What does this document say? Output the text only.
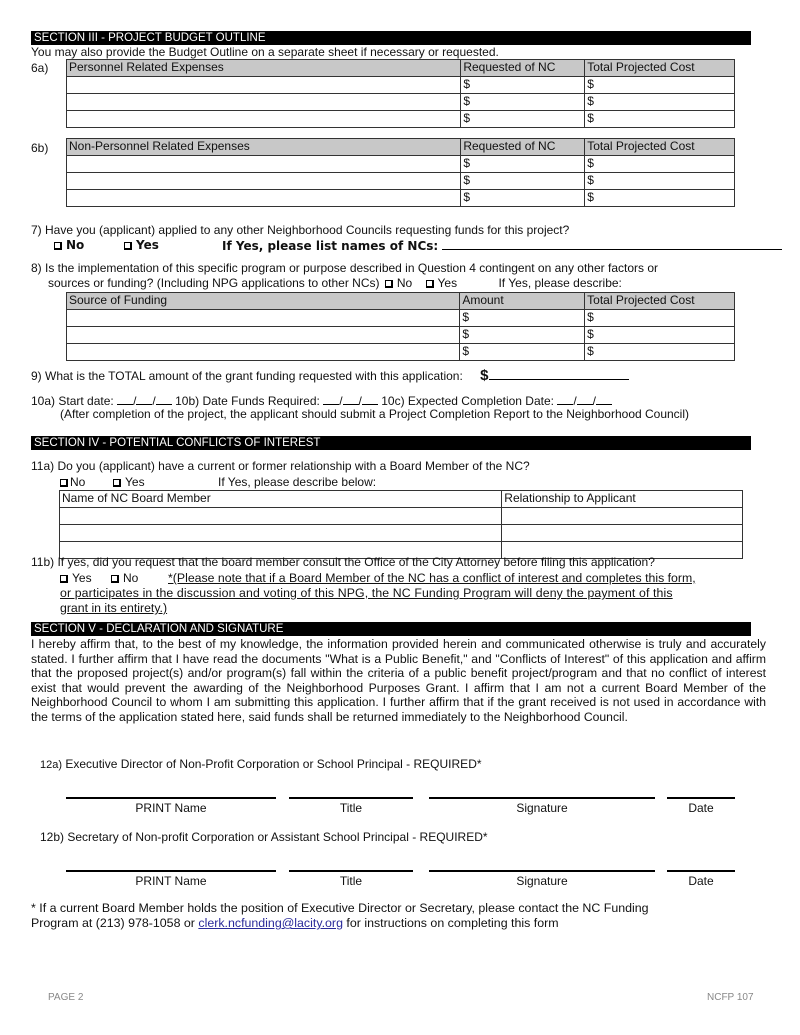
SECTION III - PROJECT BUDGET OUTLINE
You may also provide the Budget Outline on a separate sheet if necessary or requested.
6a) Personnel Related Expenses	Requested of NC	Total Projected Cost
	$	$
	$	$
	$	$
6b) Non-Personnel Related Expenses	Requested of NC	Total Projected Cost
	$	$
	$	$
	$	$
7) Have you (applicant) applied to any other Neighborhood Councils requesting funds for this project?
No	Yes	If Yes, please list names of NCs:
8) Is the implementation of this specific program or purpose described in Question 4 contingent on any other factors or
sources or funding? (Including NPG applications to other NCs) No Yes	If Yes, please describe:
Source of Funding	Amount	Total Projected Cost
	$	$
	$	$
	$	$
9) What is the TOTAL amount of the grant funding requested with this application: $
10a) Start date: / / 10b) Date Funds Required: / / 10c) Expected Completion Date: / /
(After completion of the project, the applicant should submit a Project Completion Report to the Neighborhood Council)
SECTION IV - POTENTIAL CONFLICTS OF INTEREST
11a) Do you (applicant) have a current or former relationship with a Board Member of the NC?
No	Yes	If Yes, please describe below:
Name of NC Board Member	Relationship to Applicant

11b) If yes, did you request that the board member consult the Office of the City Attorney before filing this application?
Yes	No *(Please note that if a Board Member of the NC has a conflict of interest and completes this form,
or participates in the discussion and voting of this NPG, the NC Funding Program will deny the payment of this
grant in its entirety.)
SECTION V - DECLARATION AND SIGNATURE
I hereby affirm that, to the best of my knowledge, the information provided herein and communicated otherwise is truly and accurately stated. I further affirm that I have read the documents "What is a Public Benefit," and "Conflicts of Interest" of this application and affirm that the proposed project(s) and/or program(s) fall within the criteria of a public benefit project/program and that no conflict of interest exist that would prevent the awarding of the Neighborhood Purposes Grant. I affirm that I am not a current Board Member of the Neighborhood Council to whom I am submitting this application. I further affirm that if the grant received is not used in accordance with the terms of the application stated here, said funds shall be returned immediately to the Neighborhood Council.
12a) Executive Director of Non-Profit Corporation or School Principal - REQUIRED*
PRINT Name	Title	Signature	Date
12b) Secretary of Non-profit Corporation or Assistant School Principal - REQUIRED*
PRINT Name	Title	Signature	Date
* If a current Board Member holds the position of Executive Director or Secretary, please contact the NC Funding
Program at (213) 978-1058 or clerk.ncfunding@lacity.org for instructions on completing this form
PAGE 2	NCFP 107
